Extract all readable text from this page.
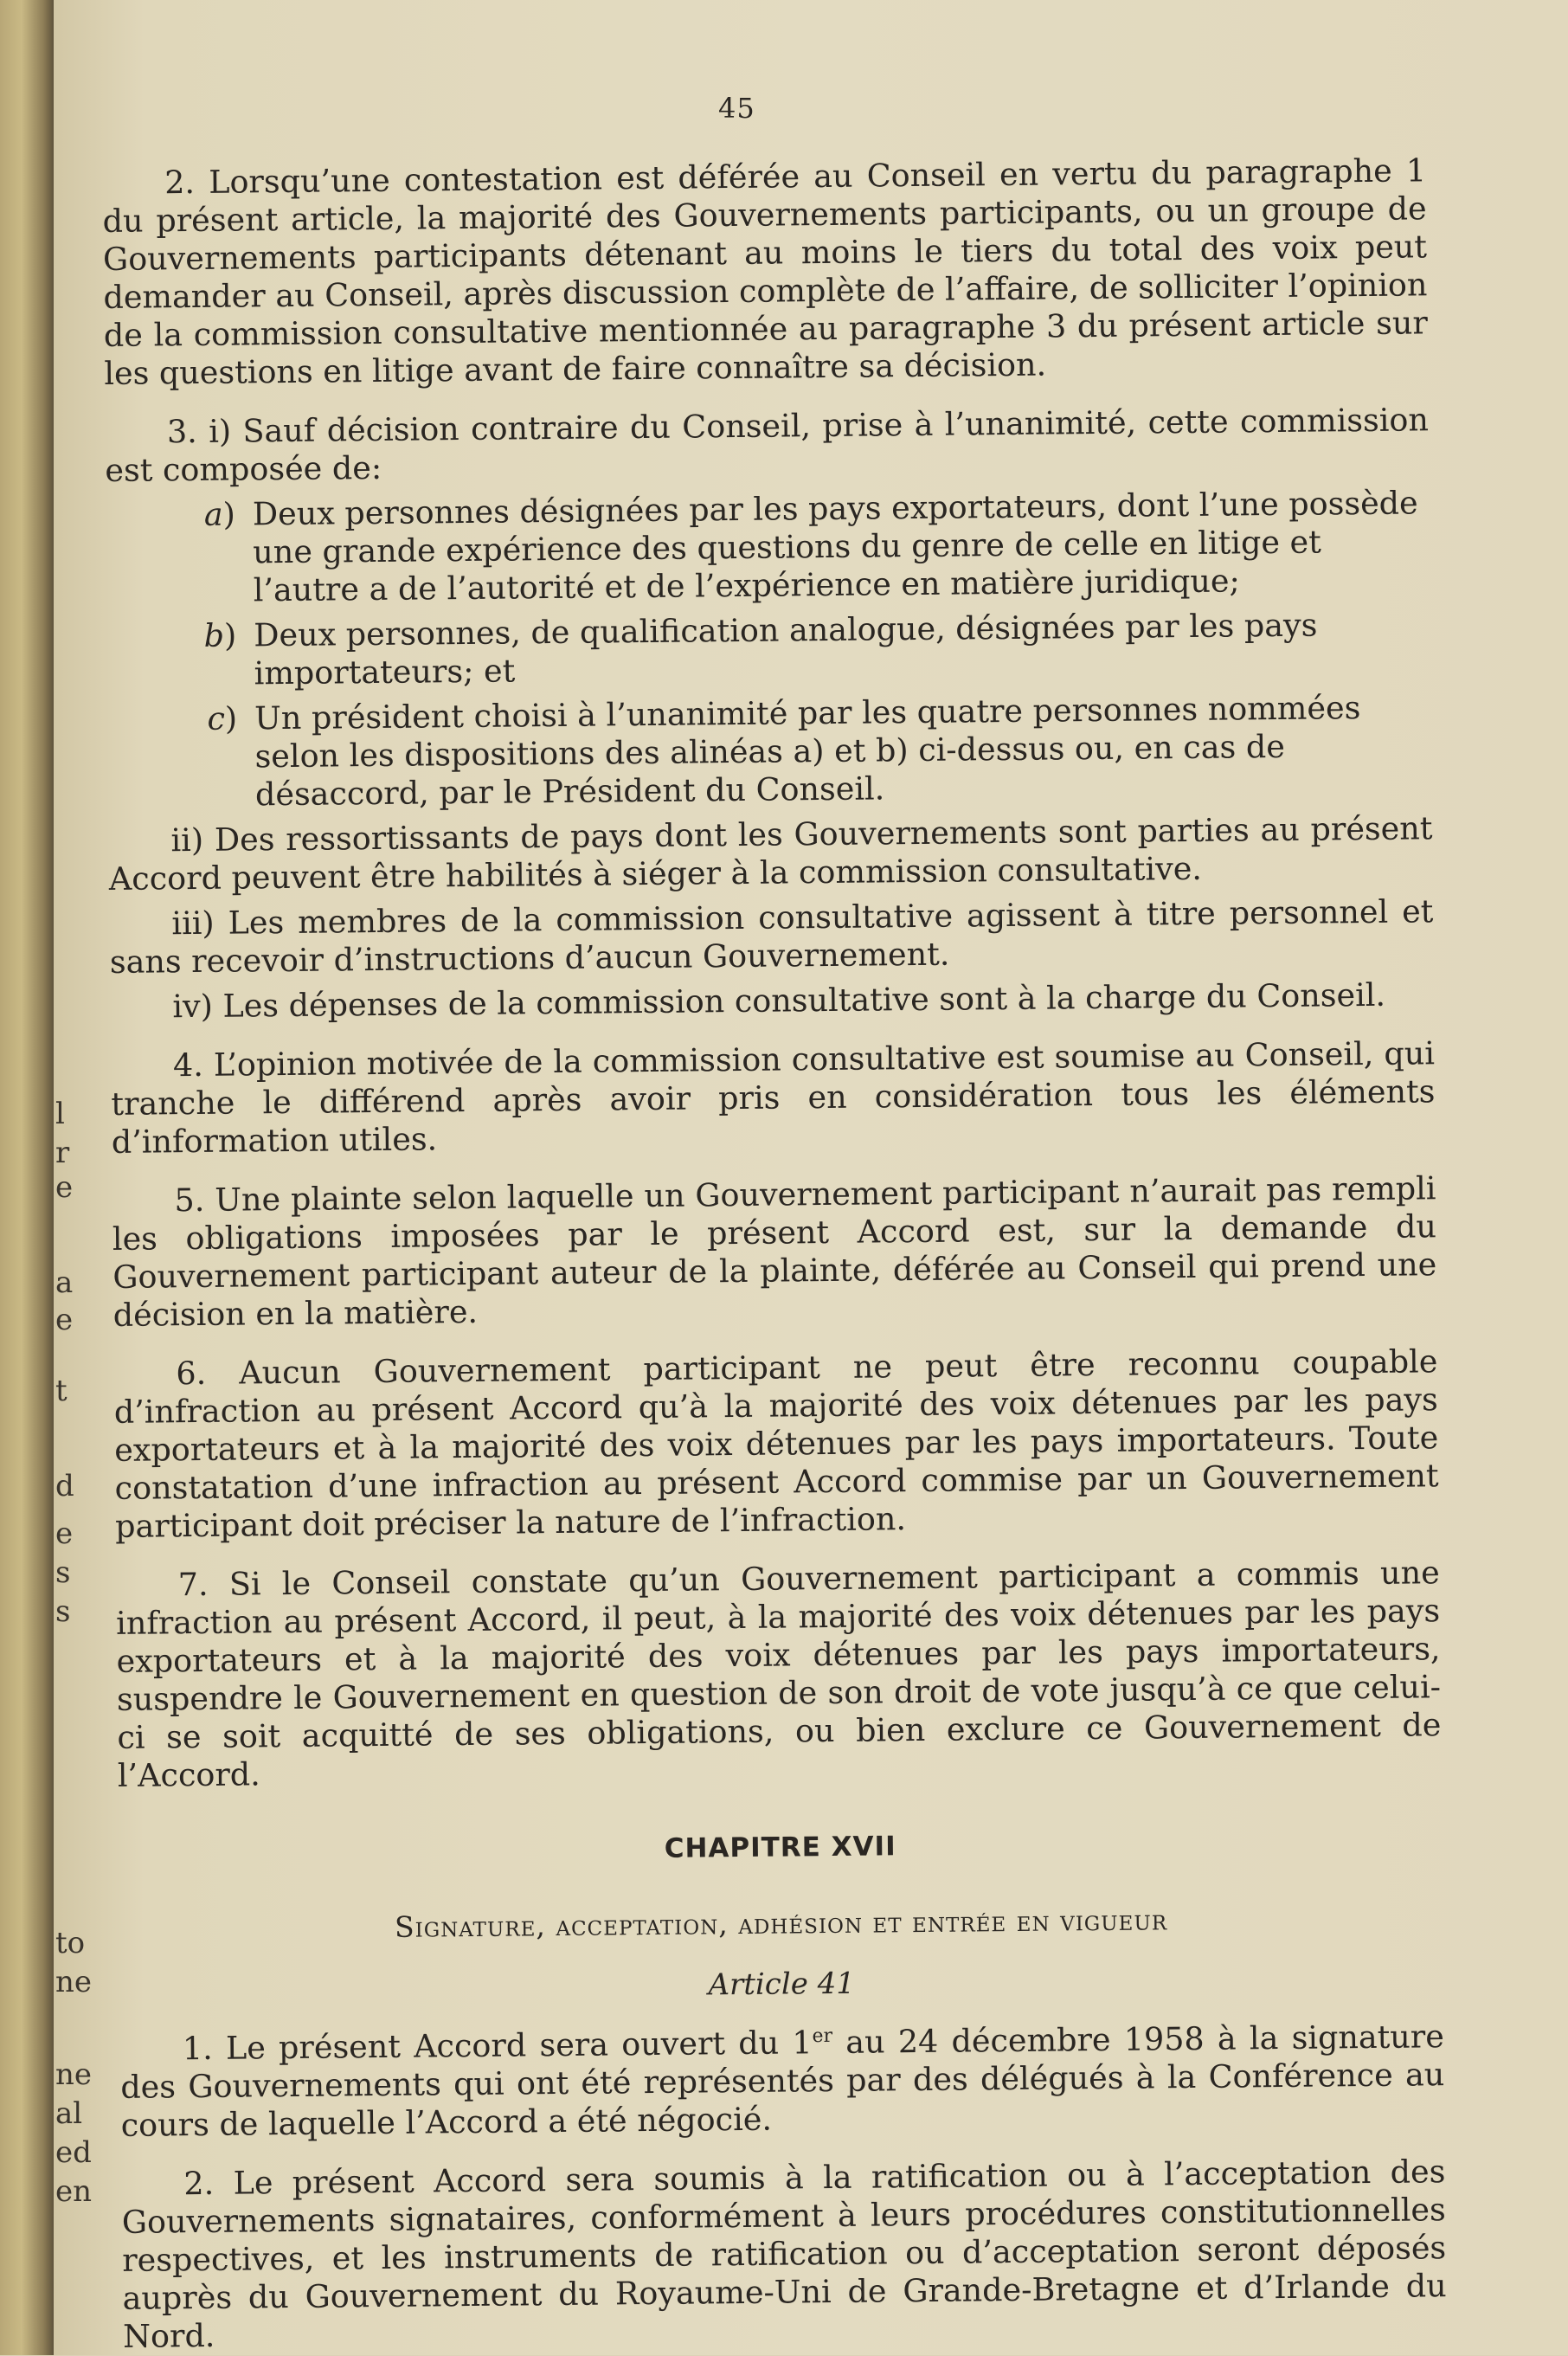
l
r
e
a
e
t
d
e
s
s
to
ne
ne
al
ed
en
45

2. Lorsqu’une contestation est déférée au Conseil en vertu du paragraphe 1 du présent article, la majorité des Gouvernements participants, ou un groupe de Gouvernements participants détenant au moins le tiers du total des voix peut demander au Conseil, après discussion complète de l’affaire, de solliciter l’opinion de la commission consultative mentionnée au paragraphe 3 du présent article sur les questions en litige avant de faire connaître sa décision.

3. i) Sauf décision contraire du Conseil, prise à l’unanimité, cette commission est composée de:

a) Deux personnes désignées par les pays exportateurs, dont l’une possède une grande expérience des questions du genre de celle en litige et l’autre a de l’autorité et de l’expérience en matière juridique;
b) Deux personnes, de qualification analogue, désignées par les pays importateurs; et
c) Un président choisi à l’unanimité par les quatre personnes nommées selon les dispositions des alinéas a) et b) ci-dessus ou, en cas de désaccord, par le Président du Conseil.

ii) Des ressortissants de pays dont les Gouvernements sont parties au présent Accord peuvent être habilités à siéger à la commission consultative.

iii) Les membres de la commission consultative agissent à titre personnel et sans recevoir d’instructions d’aucun Gouvernement.

iv) Les dépenses de la commission consultative sont à la charge du Conseil.

4. L’opinion motivée de la commission consultative est soumise au Conseil, qui tranche le différend après avoir pris en considération tous les éléments d’information utiles.

5. Une plainte selon laquelle un Gouvernement participant n’aurait pas rempli les obligations imposées par le présent Accord est, sur la demande du Gouvernement participant auteur de la plainte, déférée au Conseil qui prend une décision en la matière.

6. Aucun Gouvernement participant ne peut être reconnu coupable d’infraction au présent Accord qu’à la majorité des voix détenues par les pays exportateurs et à la majorité des voix détenues par les pays importateurs. Toute constatation d’une infraction au présent Accord commise par un Gouvernement participant doit préciser la nature de l’infraction.

7. Si le Conseil constate qu’un Gouvernement participant a commis une infraction au présent Accord, il peut, à la majorité des voix détenues par les pays exportateurs et à la majorité des voix détenues par les pays importateurs, suspendre le Gouvernement en question de son droit de vote jusqu’à ce que celui-ci se soit acquitté de ses obligations, ou bien exclure ce Gouvernement de l’Accord.

CHAPITRE XVII
Signature, acceptation, adhésion et entrée en vigueur
Article 41

1. Le présent Accord sera ouvert du 1er au 24 décembre 1958 à la signature des Gouvernements qui ont été représentés par des délégués à la Conférence au cours de laquelle l’Accord a été négocié.

2. Le présent Accord sera soumis à la ratification ou à l’acceptation des Gouvernements signataires, conformément à leurs procédures constitutionnelles respectives, et les instruments de ratification ou d’acceptation seront déposés auprès du Gouvernement du Royaume-Uni de Grande-Bretagne et d’Irlande du Nord.
